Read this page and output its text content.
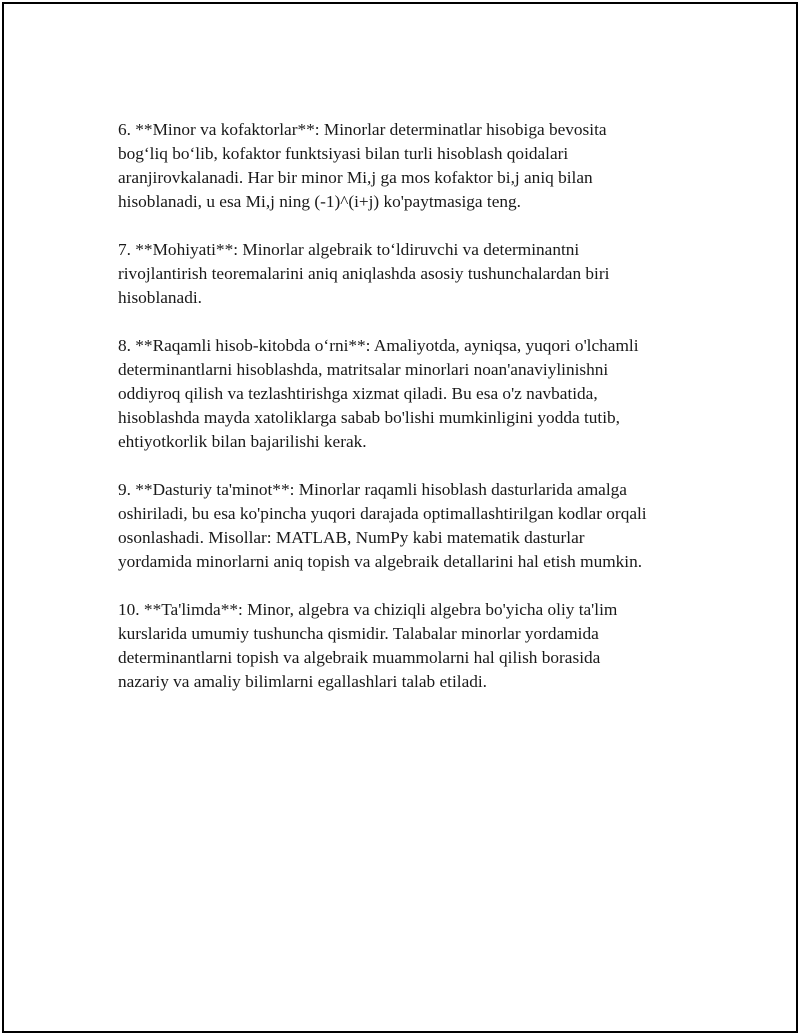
6. **Minor va kofaktorlar**: Minorlar determinatlar hisobiga bevosita
bog‘liq bo‘lib, kofaktor funktsiyasi bilan turli hisoblash qoidalari
aranjirovkalanadi. Har bir minor Mi,j ga mos kofaktor bi,j aniq bilan
hisoblanadi, u esa Mi,j ning (-1)^(i+j) ko'paytmasiga teng.

7. **Mohiyati**: Minorlar algebraik to‘ldiruvchi va determinantni
rivojlantirish teoremalarini aniq aniqlashda asosiy tushunchalardan biri
hisoblanadi.

8. **Raqamli hisob-kitobda o‘rni**: Amaliyotda, ayniqsa, yuqori o'lchamli
determinantlarni hisoblashda, matritsalar minorlari noan'anaviylinishni
oddiyroq qilish va tezlashtirishga xizmat qiladi. Bu esa o'z navbatida,
hisoblashda mayda xatoliklarga sabab bo'lishi mumkinligini yodda tutib,
ehtiyotkorlik bilan bajarilishi kerak.

9. **Dasturiy ta'minot**: Minorlar raqamli hisoblash dasturlarida amalga
oshiriladi, bu esa ko'pincha yuqori darajada optimallashtirilgan kodlar orqali
osonlashadi. Misollar: MATLAB, NumPy kabi matematik dasturlar
yordamida minorlarni aniq topish va algebraik detallarini hal etish mumkin.

10. **Ta'limda**: Minor, algebra va chiziqli algebra bo'yicha oliy ta'lim
kurslarida umumiy tushuncha qismidir. Talabalar minorlar yordamida
determinantlarni topish va algebraik muammolarni hal qilish borasida
nazariy va amaliy bilimlarni egallashlari talab etiladi.
